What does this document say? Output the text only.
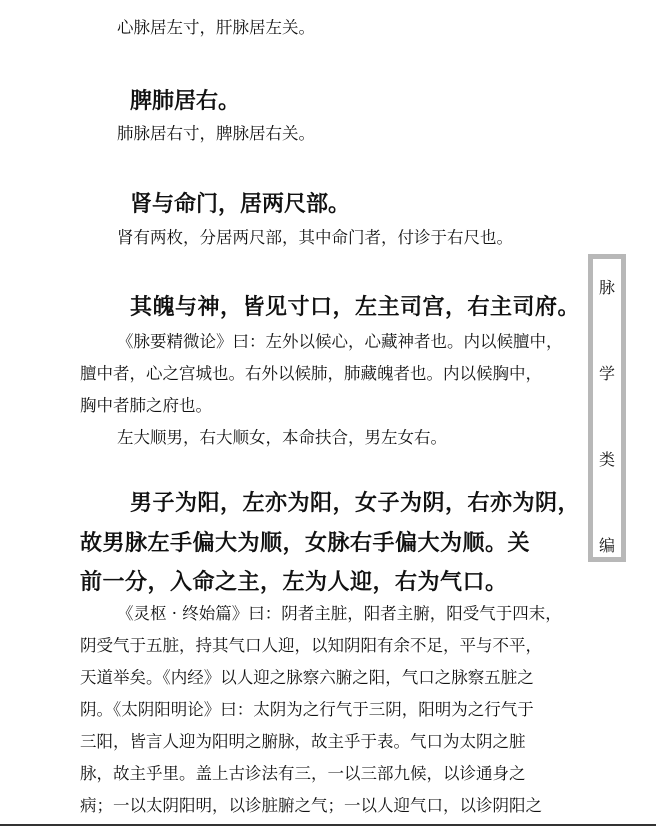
心脉居左寸，肝脉居左关。
脾肺居右。
肺脉居右寸，脾脉居右关。
肾与命门，居两尺部。
肾有两枚，分居两尺部，其中命门者，付诊于右尺也。
其魄与神，皆见寸口，左主司宫，右主司府。
《脉要精微论》曰：左外以候心，心藏神者也。内以候膻中，
膻中者，心之宫城也。右外以候肺，肺藏魄者也。内以候胸中，
胸中者肺之府也。
左大顺男，右大顺女，本命扶合，男左女右。
男子为阳，左亦为阳，女子为阴，右亦为阴，
故男脉左手偏大为顺，女脉右手偏大为顺。关
前一分，入命之主，左为人迎，右为气口。
《灵枢 · 终始篇》曰：阴者主脏，阳者主腑，阳受气于四末，
阴受气于五脏，持其气口人迎，以知阴阳有余不足，平与不平，
天道举矣。《内经》以人迎之脉察六腑之阳，气口之脉察五脏之
阴。《太阴阳明论》曰：太阴为之行气于三阴，阳明为之行气于
三阳，皆言人迎为阳明之腑脉，故主乎于表。气口为太阴之脏
脉，故主乎里。盖上古诊法有三，一以三部九候，以诊通身之
病；一以太阴阳明，以诊脏腑之气；一以人迎气口，以诊阴阳之
脉
学
类
编
